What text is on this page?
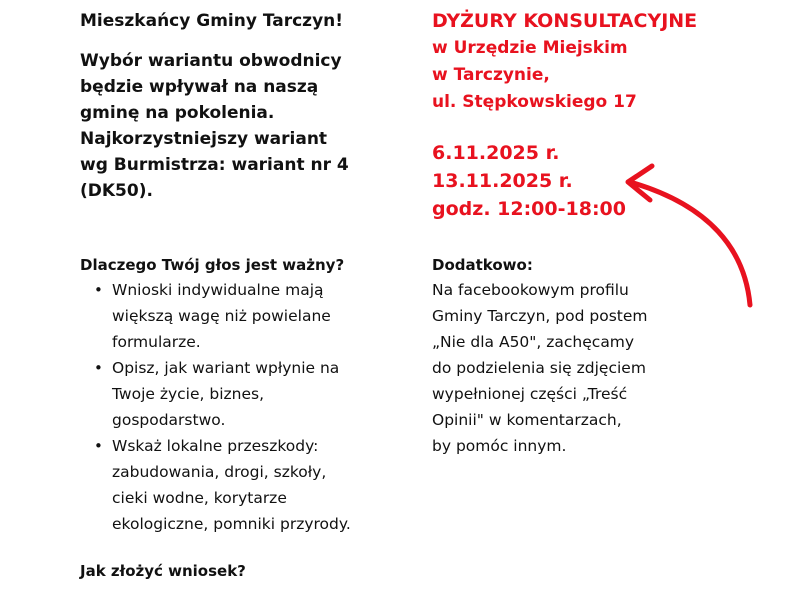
Mieszkańcy Gminy Tarczyn!
Wybór wariantu obwodnicy
będzie wpływał na naszą
gminę na pokolenia.
Najkorzystniejszy wariant
wg Burmistrza: wariant nr 4
(DK50).
Dlaczego Twój głos jest ważny?
• Wnioski indywidualne mają
większą wagę niż powielane
formularze.
• Opisz, jak wariant wpłynie na
Twoje życie, biznes,
gospodarstwo.
• Wskaż lokalne przeszkody:
zabudowania, drogi, szkoły,
cieki wodne, korytarze
ekologiczne, pomniki przyrody.
Jak złożyć wniosek?
DYŻURY KONSULTACYJNE
w Urzędzie Miejskim
w Tarczynie,
ul. Stępkowskiego 17
6.11.2025 r.
13.11.2025 r.
godz. 12:00-18:00
Dodatkowo:
Na facebookowym profilu
Gminy Tarczyn, pod postem
„Nie dla A50", zachęcamy
do podzielenia się zdjęciem
wypełnionej części „Treść
Opinii" w komentarzach,
by pomóc innym.
